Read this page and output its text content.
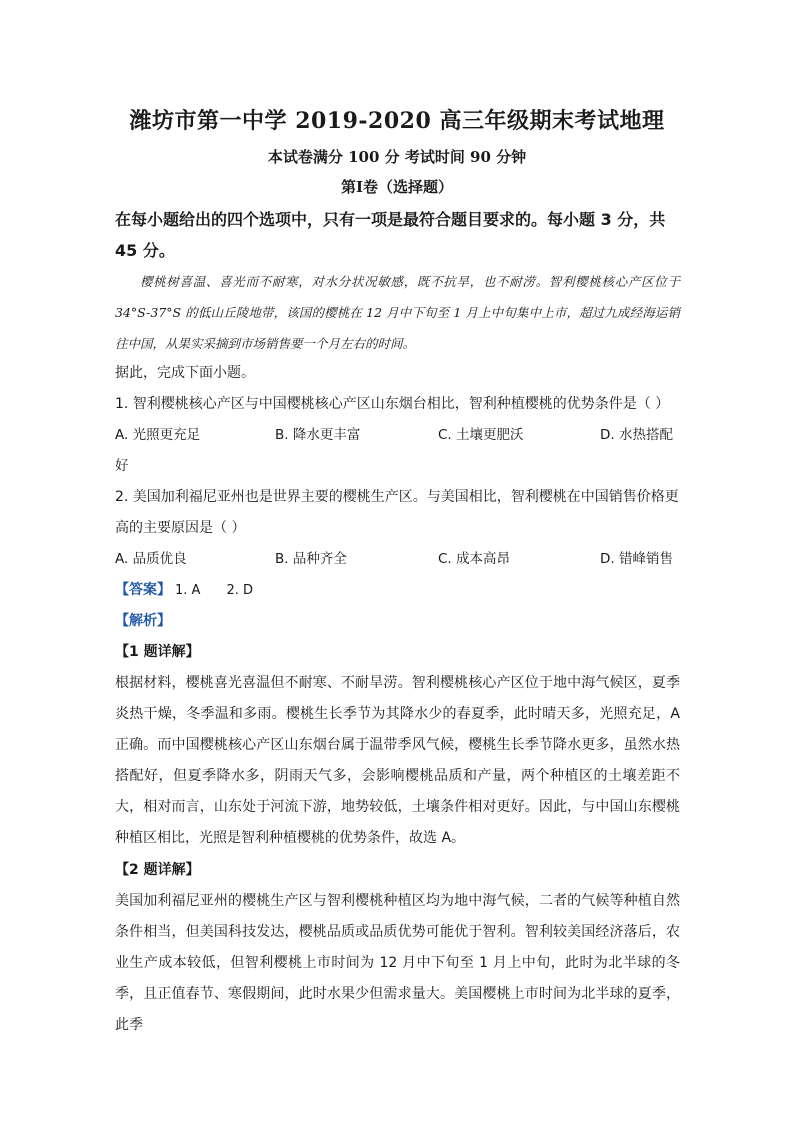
潍坊市第一中学 2019-2020 高三年级期末考试地理
本试卷满分 100 分 考试时间 90 分钟
第Ⅰ卷（选择题）
在每小题给出的四个选项中，只有一项是最符合题目要求的。每小题 3 分，共 45 分。
樱桃树喜温、喜光而不耐寒，对水分状况敏感，既不抗旱，也不耐涝。智利樱桃核心产区位于 34°S-37°S 的低山丘陵地带，该国的樱桃在 12 月中下旬至 1 月上中旬集中上市，超过九成经海运销往中国，从果实采摘到市场销售要一个月左右的时间。
据此，完成下面小题。
1. 智利樱桃核心产区与中国樱桃核心产区山东烟台相比，智利种植樱桃的优势条件是（ ）
A. 光照更充足	B. 降水更丰富	C. 土壤更肥沃	D. 水热搭配
好
2. 美国加利福尼亚州也是世界主要的樱桃生产区。与美国相比，智利樱桃在中国销售价格更高的主要原因是（ ）
A. 品质优良	B. 品种齐全	C. 成本高昂	D. 错峰销售
【答案】 1. A 2. D
【解析】
【1 题详解】
根据材料，樱桃喜光喜温但不耐寒、不耐旱涝。智利樱桃核心产区位于地中海气候区，夏季炎热干燥，冬季温和多雨。樱桃生长季节为其降水少的春夏季，此时晴天多，光照充足，A 正确。而中国樱桃核心产区山东烟台属于温带季风气候，樱桃生长季节降水更多，虽然水热搭配好，但夏季降水多，阴雨天气多，会影响樱桃品质和产量，两个种植区的土壤差距不大，相对而言，山东处于河流下游，地势较低，土壤条件相对更好。因此，与中国山东樱桃种植区相比，光照是智利种植樱桃的优势条件，故选 A。
【2 题详解】
美国加利福尼亚州的樱桃生产区与智利樱桃种植区均为地中海气候，二者的气候等种植自然条件相当，但美国科技发达，樱桃品质或品质优势可能优于智利。智利较美国经济落后，农业生产成本较低，但智利樱桃上市时间为 12 月中下旬至 1 月上中旬，此时为北半球的冬季，且正值春节、寒假期间，此时水果少但需求量大。美国樱桃上市时间为北半球的夏季，此季
